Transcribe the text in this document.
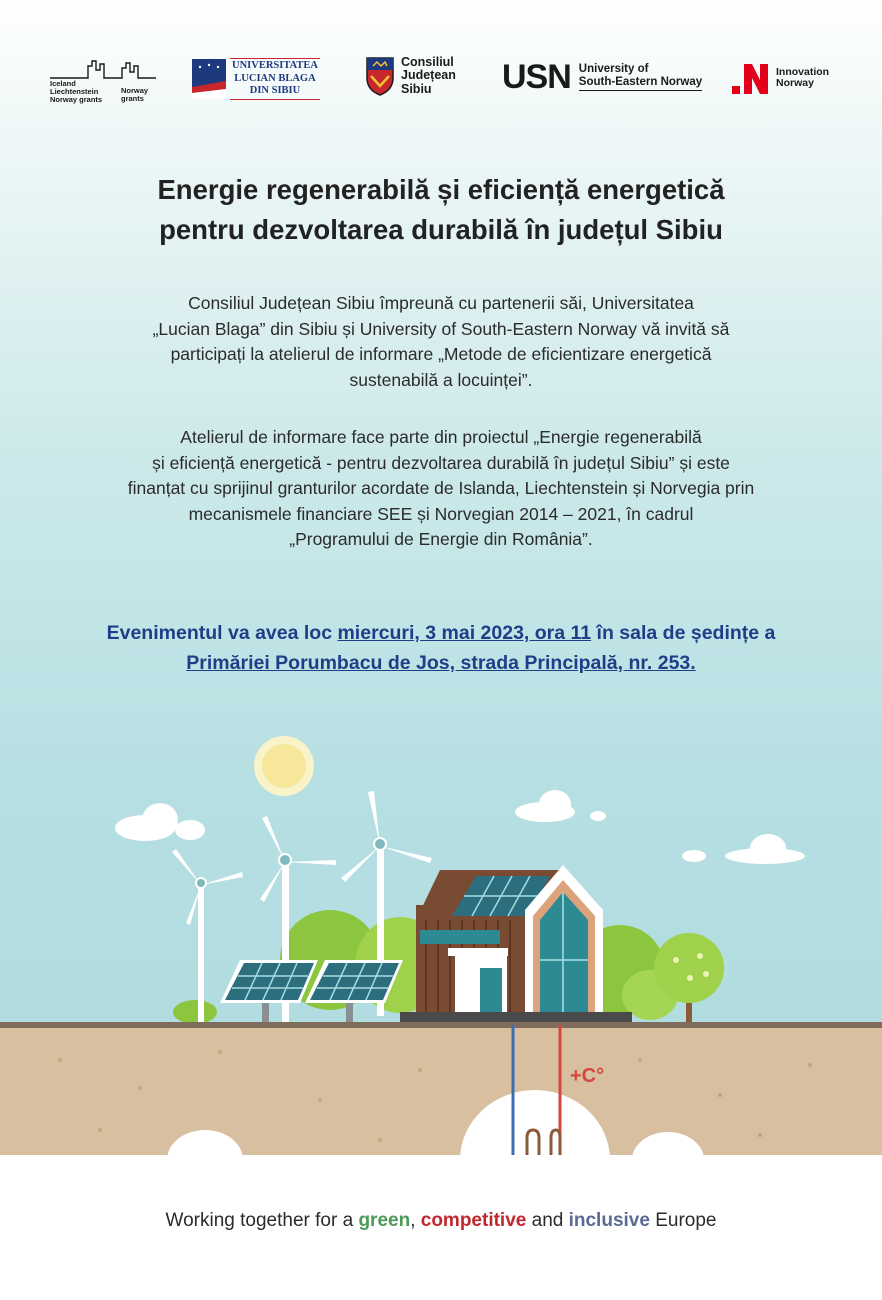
Iceland
Liechtenstein
Norway grants
Norway
grants
UNIVERSITATEA
LUCIAN BLAGA
DIN SIBIU
Consiliul
Județean
Sibiu	USN University of
South-Eastern Norway
Innovation
Norway
Energie regenerabilă și eficiență energetică
pentru dezvoltarea durabilă în județul Sibiu
Consiliul Județean Sibiu împreună cu partenerii săi, Universitatea
„Lucian Blaga” din Sibiu și University of South-Eastern Norway vă invită să
participați la atelierul de informare „Metode de eficientizare energetică
sustenabilă a locuinței”.
Atelierul de informare face parte din proiectul „Energie regenerabilă
și eficiență energetică - pentru dezvoltarea durabilă în județul Sibiu” și este
finanțat cu sprijinul granturilor acordate de Islanda, Liechtenstein și Norvegia prin
mecanismele financiare SEE și Norvegian 2014 – 2021, în cadrul
„Programului de Energie din România”.
Evenimentul va avea loc miercuri, 3 mai 2023, ora 11 în sala de ședințe a
Primăriei Porumbacu de Jos, strada Principală, nr. 253.
+C°

Working together for a green, competitive and inclusive Europe
